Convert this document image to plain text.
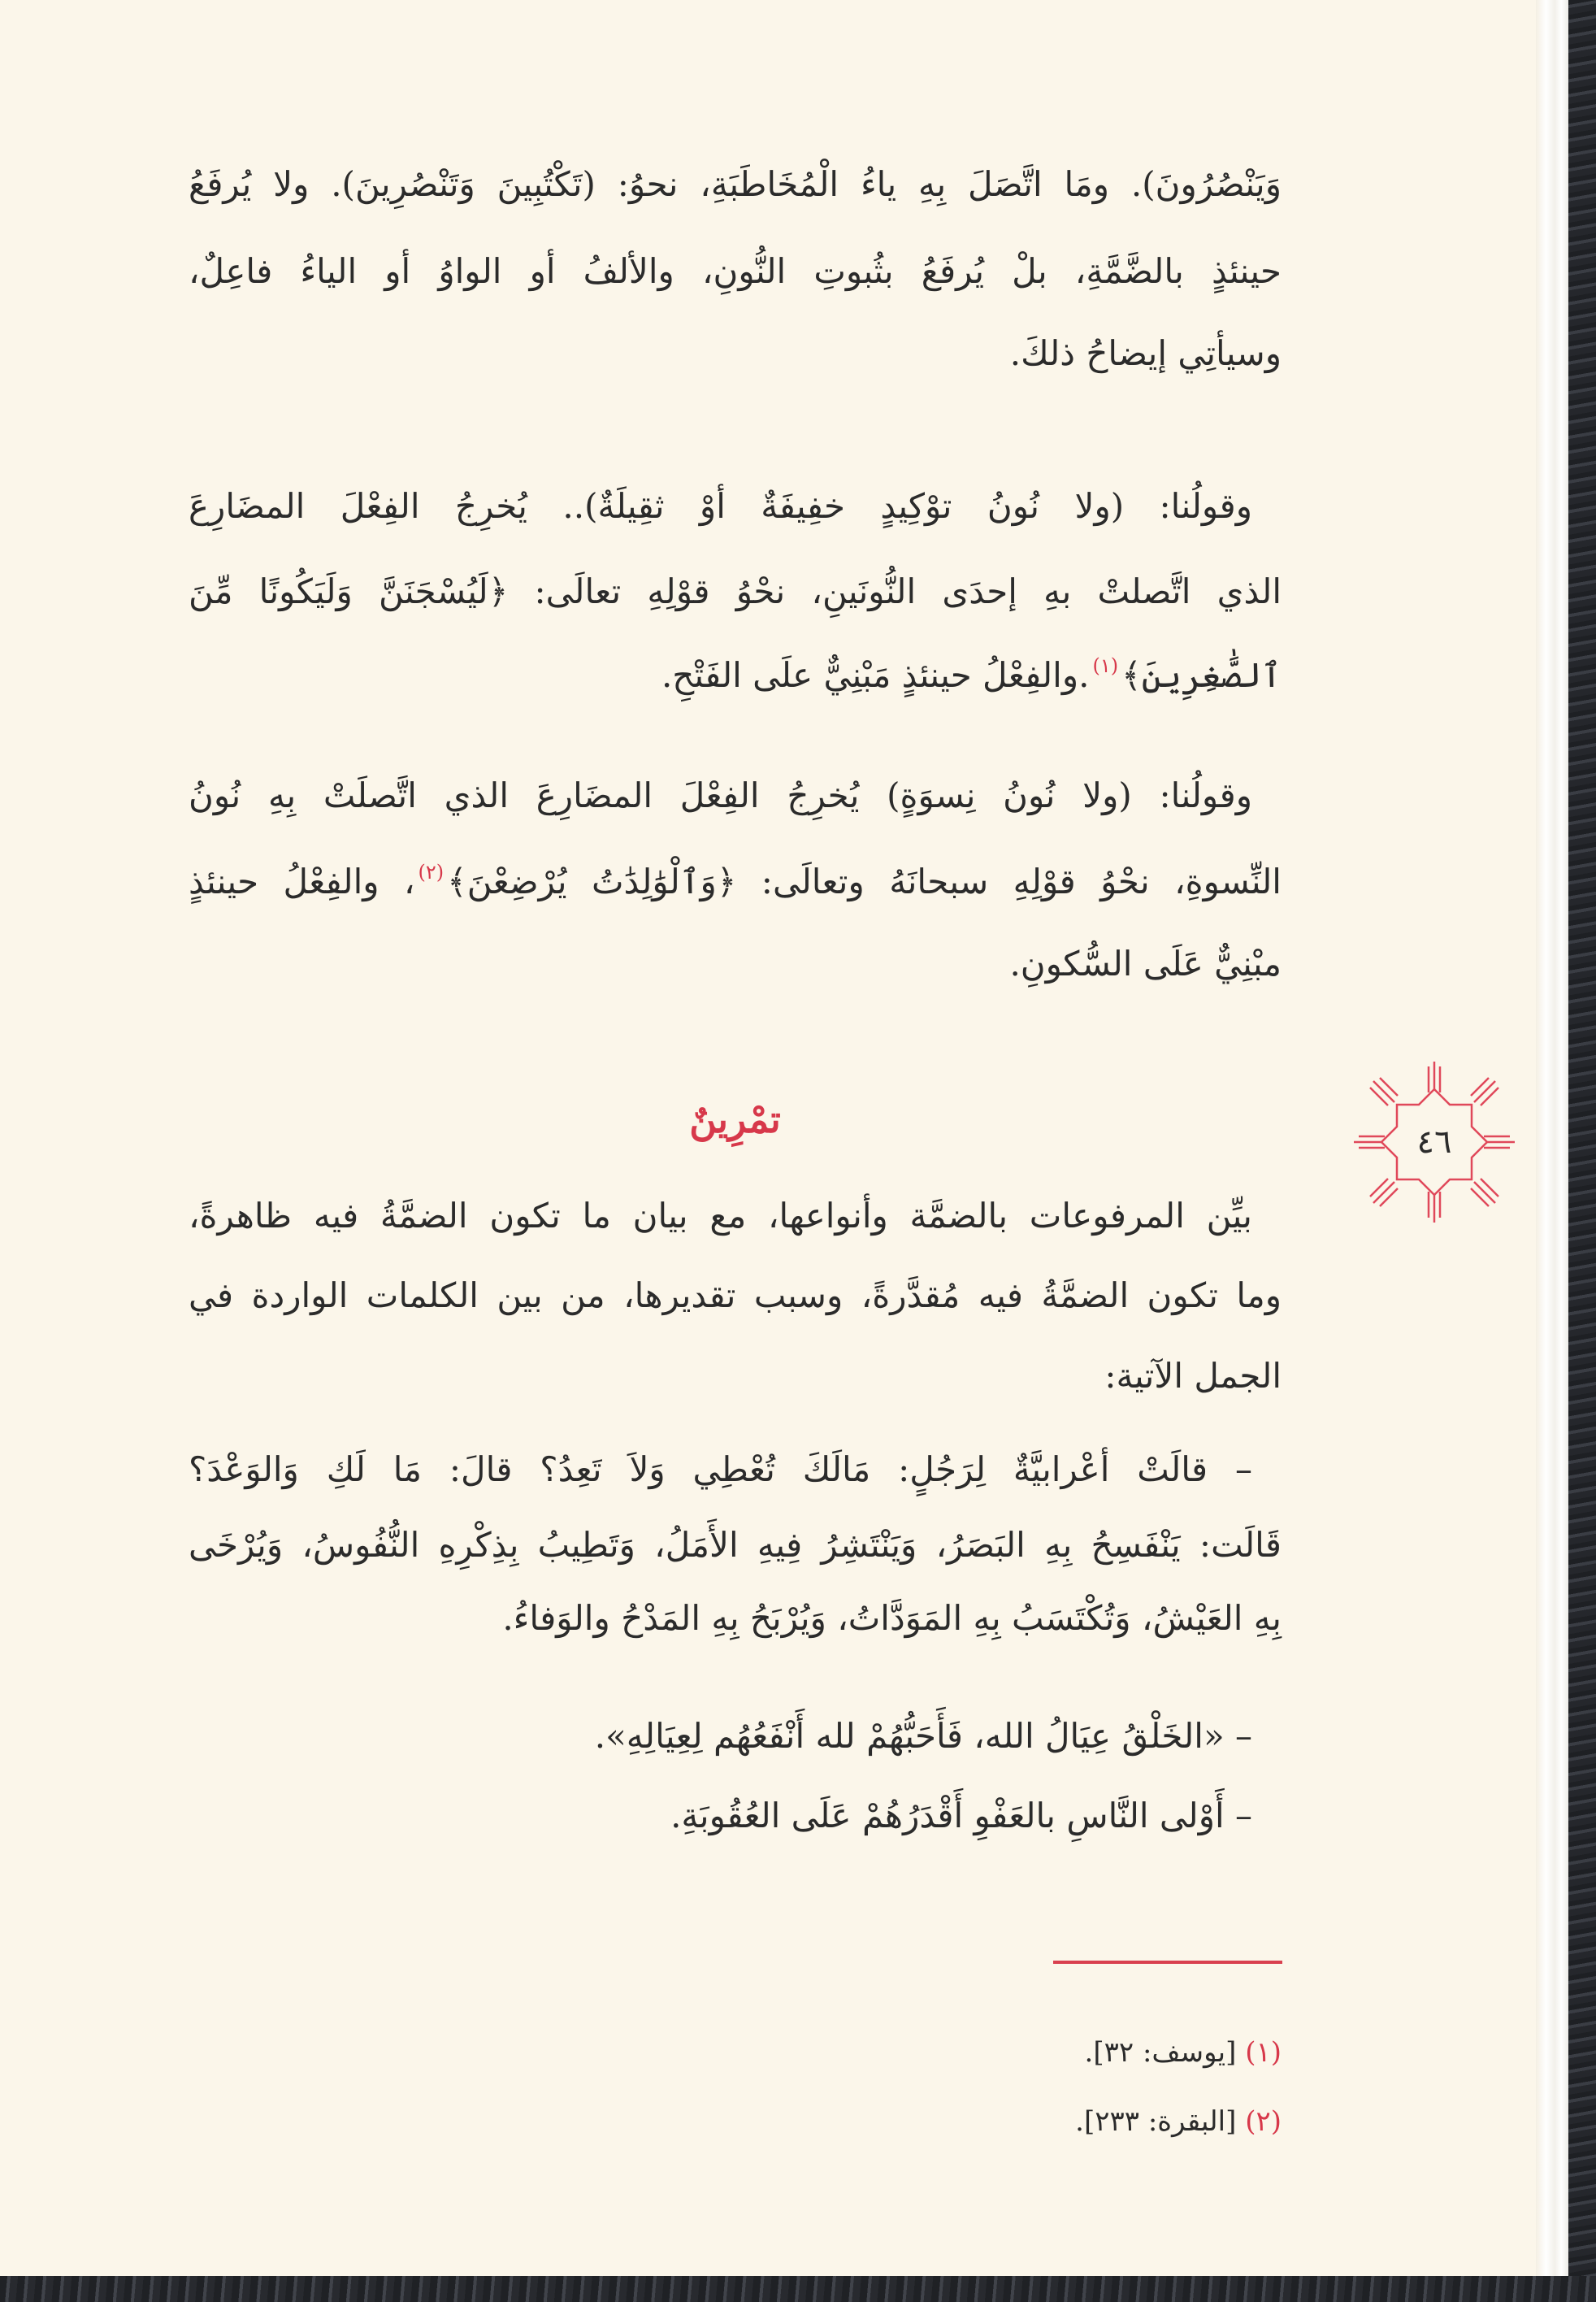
وَيَنْصُرُونَ). ومَا اتَّصَلَ بِهِ ياءُ الْمُخَاطَبَةِ، نحوُ: (تَكْتُبِينَ وَتَنْصُرِينَ). ولا يُرفَعُ
حينئذٍ بالضَّمَّةِ، بلْ يُرفَعُ بثُبوتِ النُّونِ، والألفُ أو الواوُ أو الياءُ فاعِلٌ،
وسيأتِي إيضاحُ ذلكَ.
وقولُنا: (ولا نُونُ توْكِيدٍ خفِيفَةٌ أوْ ثقِيلَةٌ).. يُخرِجُ الفِعْلَ المضَارِعَ
الذي اتَّصلتْ بهِ إحدَى النُّونَينِ، نحْوُ قوْلِهِ تعالَى: ﴿لَيُسْجَنَنَّ وَلَيَكُونًا مِّنَ
ٱلصَّٰغِرِينَ﴾$^{(١)}$.والفِعْلُ حينئذٍ مَبْنِيٌّ علَى الفَتْحِ.
وقولُنا: (ولا نُونُ نِسوَةٍ) يُخرِجُ الفِعْلَ المضَارِعَ الذي اتَّصلَتْ بِهِ نُونُ
النِّسوةِ، نحْوُ قوْلِهِ سبحانَهُ وتعالَى: ﴿وَٱلْوَٰلِدَٰتُ يُرْضِعْنَ﴾$^{(٢)}$، والفِعْلُ حينئذٍ
مبْنِيٌّ عَلَى السُّكونِ.
تمْرِينٌ
٤٦
بيِّن المرفوعات بالضمَّة وأنواعها، مع بيان ما تكون الضمَّةُ فيه ظاهرةً،
وما تكون الضمَّةُ فيه مُقدَّرةً، وسبب تقديرها، من بين الكلمات الواردة في
الجمل الآتية:
– قالَتْ أعْرابيَّةٌ لِرَجُلٍ: مَالَكَ تُعْطِي وَلاَ تَعِدُ؟ قالَ: مَا لَكِ وَالوَعْدَ؟
قَالَت: يَنْفَسِحُ بِهِ البَصَرُ، وَيَنْتَشِرُ فِيهِ الأَمَلُ، وَتَطِيبُ بِذِكْرِهِ النُّفُوسُ، وَيُرْخَى
بِهِ العَيْشُ، وَتُكْتَسَبُ بِهِ المَوَدَّاتُ، وَيُرْبَحُ بِهِ المَدْحُ والوَفاءُ.
– «الخَلْقُ عِيَالُ الله، فَأَحَبُّهُمْ لله أَنْفَعُهُم لِعِيَالِهِ».
– أَوْلى النَّاسِ بالعَفْوِ أَقْدَرُهُمْ عَلَى العُقُوبَةِ.
(١) [يوسف: ٣٢].
(٢) [البقرة: ٢٣٣].
